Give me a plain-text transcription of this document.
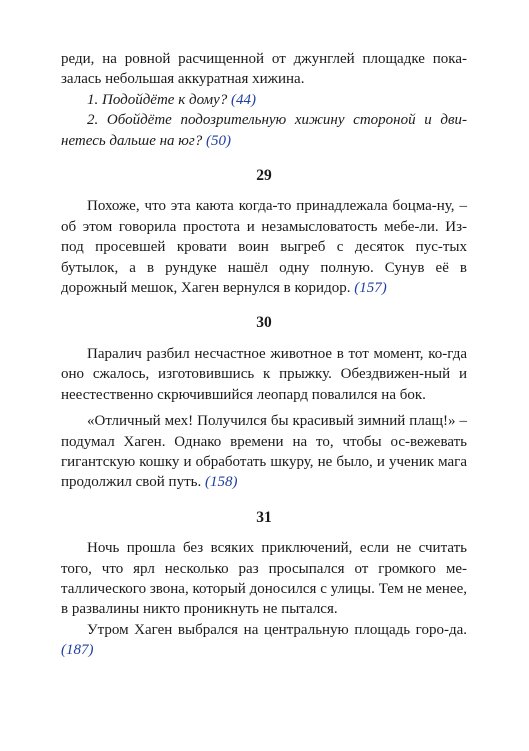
реди, на ровной расчищенной от джунглей площадке пока- залась небольшая аккуратная хижина.

1. Подойдёте к дому? (44)

2. Обойдёте подозрительную хижину стороной и дви-нетесь дальше на юг? (50)

29

Похоже, что эта каюта когда-то принадлежала боцма-ну, – об этом говорила простота и незамысловатость мебе-ли. Из-под просевшей кровати воин выгреб с десяток пус-тых бутылок, а в рундуке нашёл одну полную. Сунув её в дорожный мешок, Хаген вернулся в коридор. (157)

30

Паралич разбил несчастное животное в тот момент, ко-гда оно сжалось, изготовившись к прыжку. Обездвижен-ный и неестественно скрючившийся леопард повалился на бок.

«Отличный мех! Получился бы красивый зимний плащ!» – подумал Хаген. Однако времени на то, чтобы ос-вежевать гигантскую кошку и обработать шкуру, не было, и ученик мага продолжил свой путь. (158)

31

Ночь прошла без всяких приключений, если не считать того, что ярл несколько раз просыпался от громкого ме-таллического звона, который доносился с улицы. Тем не менее, в развалины никто проникнуть не пытался.

Утром Хаген выбрался на центральную площадь горо-да. (187)
